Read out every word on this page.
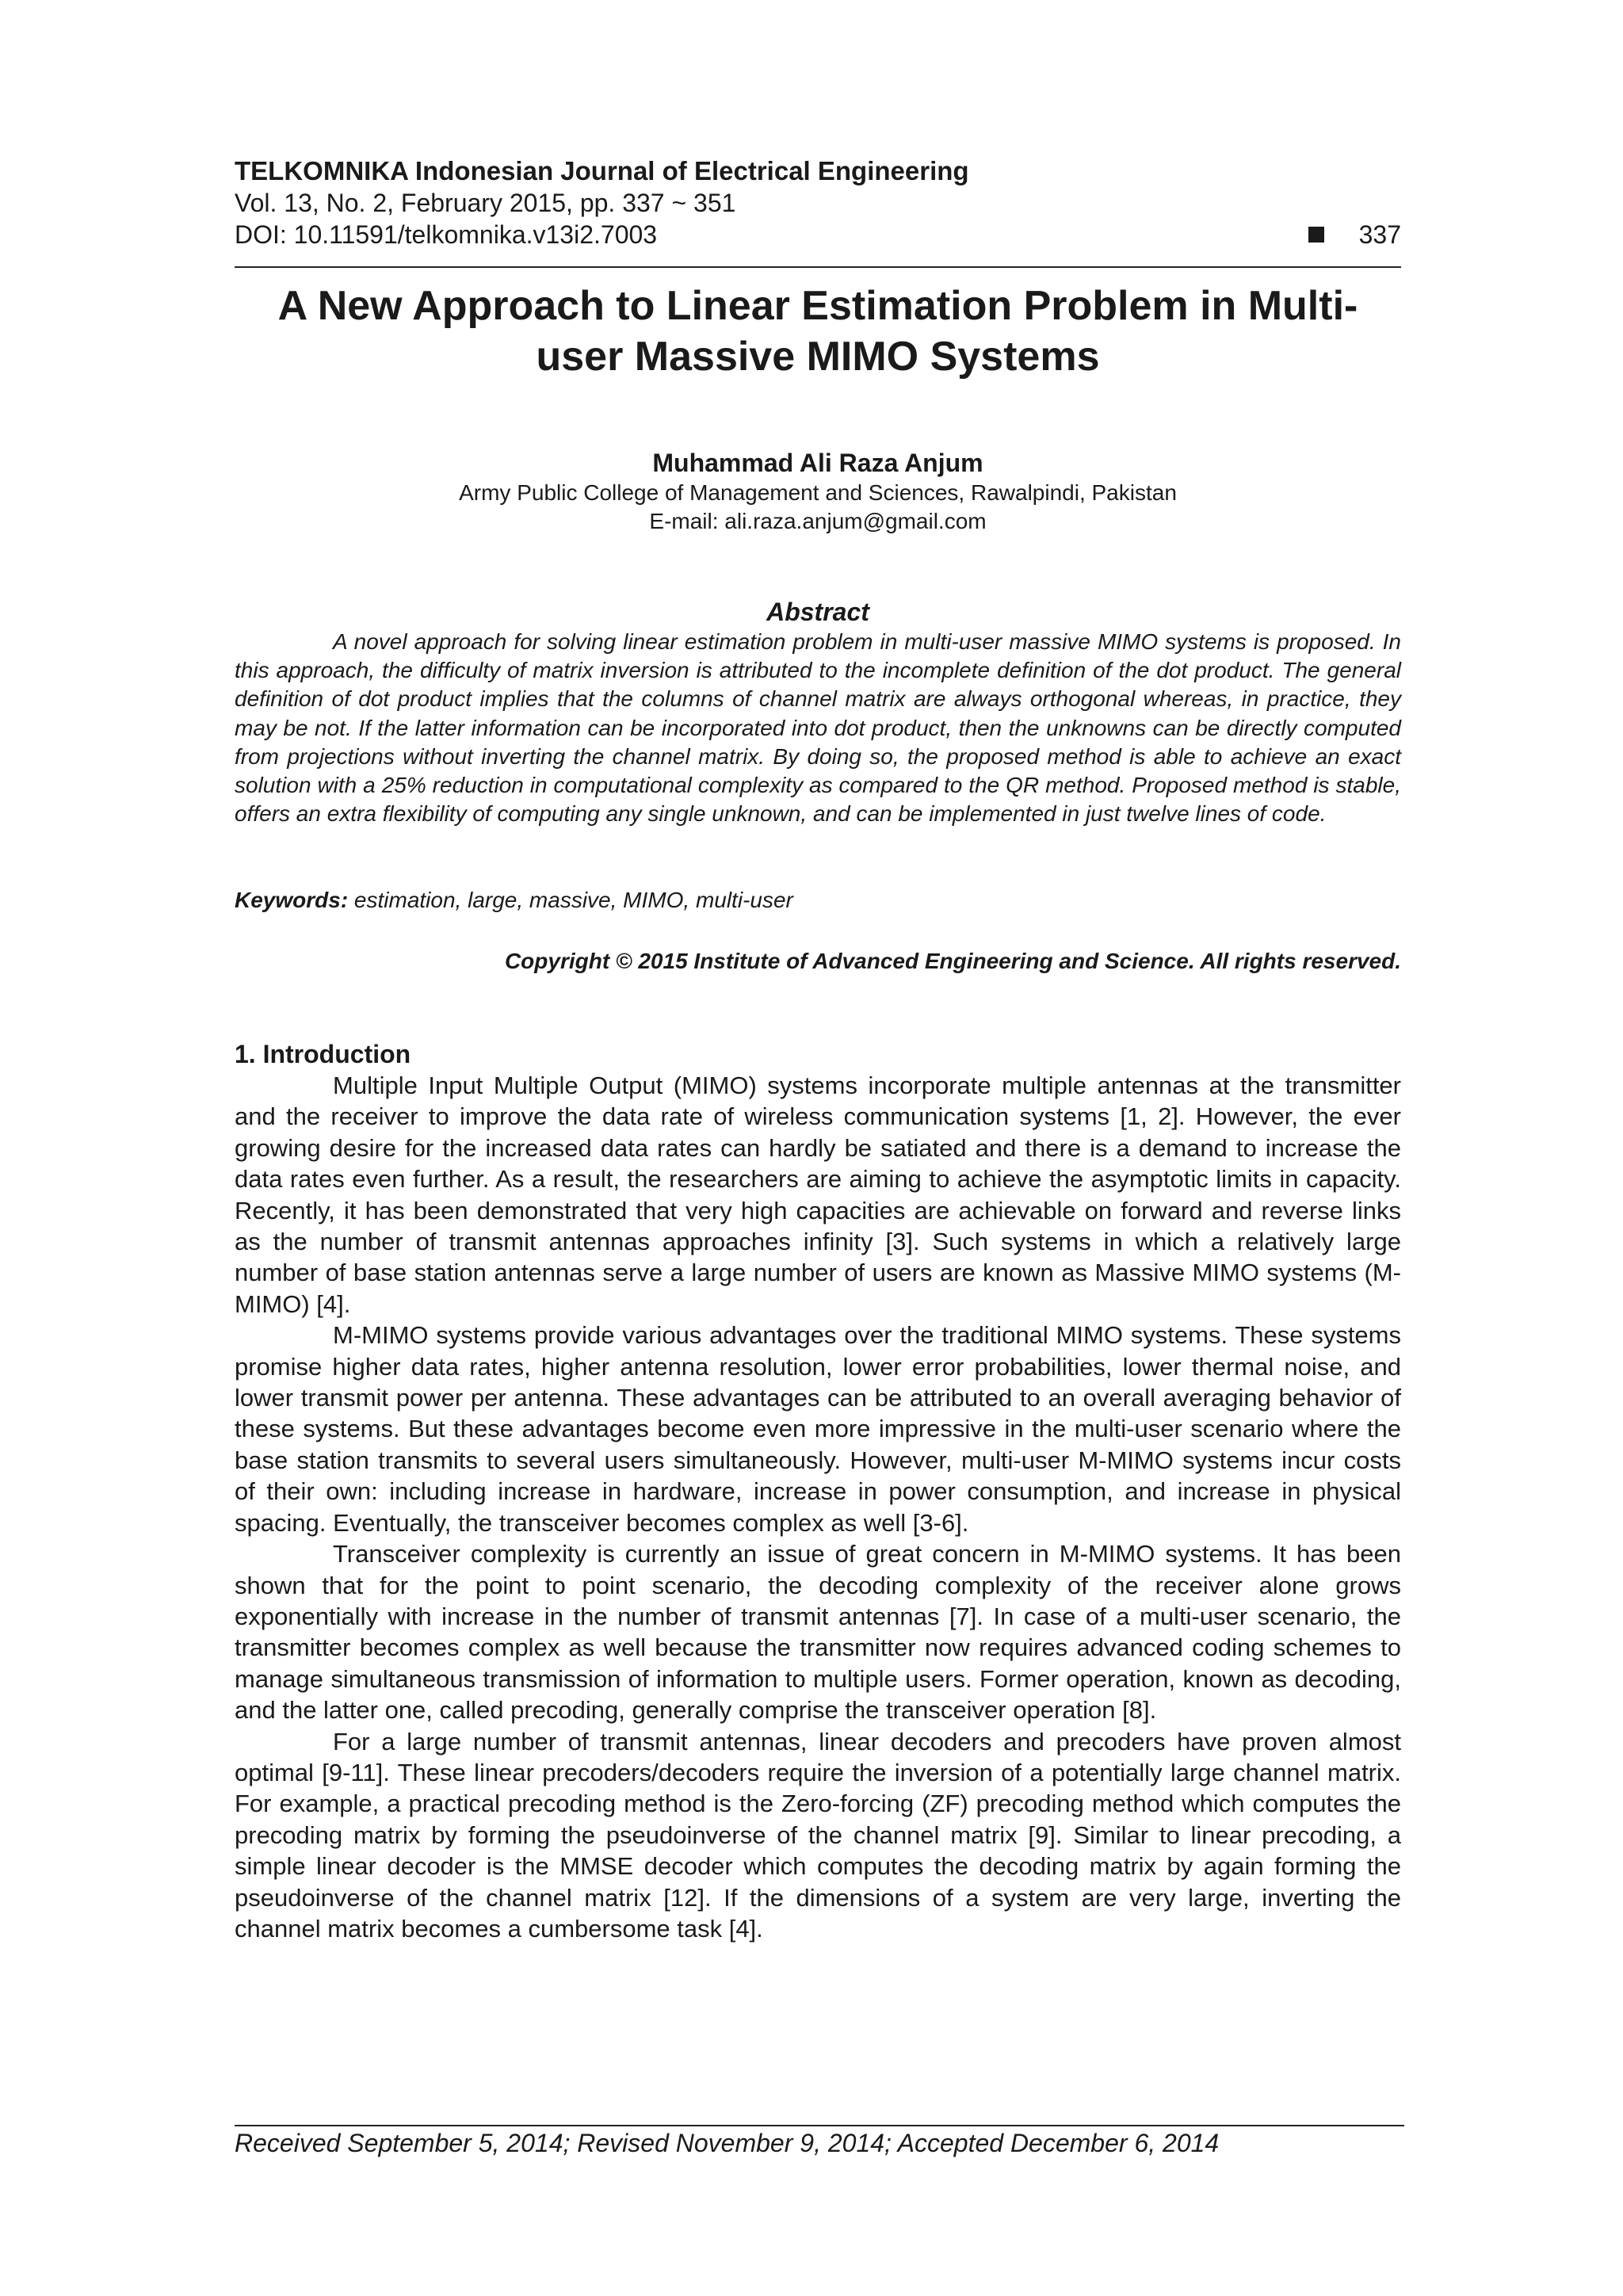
TELKOMNIKA Indonesian Journal of Electrical Engineering
Vol. 13, No. 2, February 2015, pp. 337 ~ 351
DOI: 10.11591/telkomnika.v13i2.7003	337
A New Approach to Linear Estimation Problem in Multi-
user Massive MIMO Systems
Muhammad Ali Raza Anjum
Army Public College of Management and Sciences, Rawalpindi, Pakistan
E-mail: ali.raza.anjum@gmail.com
Abstract

A novel approach for solving linear estimation problem in multi-user massive MIMO systems is proposed. In this approach, the difficulty of matrix inversion is attributed to the incomplete definition of the dot product. The general definition of dot product implies that the columns of channel matrix are always orthogonal whereas, in practice, they may be not. If the latter information can be incorporated into dot product, then the unknowns can be directly computed from projections without inverting the channel matrix. By doing so, the proposed method is able to achieve an exact solution with a 25% reduction in computational complexity as compared to the QR method. Proposed method is stable, offers an extra flexibility of computing any single unknown, and can be implemented in just twelve lines of code.

Keywords: estimation, large, massive, MIMO, multi-user
Copyright © 2015 Institute of Advanced Engineering and Science. All rights reserved.
1. Introduction

Multiple Input Multiple Output (MIMO) systems incorporate multiple antennas at the transmitter and the receiver to improve the data rate of wireless communication systems [1, 2]. However, the ever growing desire for the increased data rates can hardly be satiated and there is a demand to increase the data rates even further. As a result, the researchers are aiming to achieve the asymptotic limits in capacity. Recently, it has been demonstrated that very high capacities are achievable on forward and reverse links as the number of transmit antennas approaches infinity [3]. Such systems in which a relatively large number of base station antennas serve a large number of users are known as Massive MIMO systems (M-MIMO) [4].

M-MIMO systems provide various advantages over the traditional MIMO systems. These systems promise higher data rates, higher antenna resolution, lower error probabilities, lower thermal noise, and lower transmit power per antenna. These advantages can be attributed to an overall averaging behavior of these systems. But these advantages become even more impressive in the multi-user scenario where the base station transmits to several users simultaneously. However, multi-user M-MIMO systems incur costs of their own: including increase in hardware, increase in power consumption, and increase in physical spacing. Eventually, the transceiver becomes complex as well [3-6].

Transceiver complexity is currently an issue of great concern in M-MIMO systems. It has been shown that for the point to point scenario, the decoding complexity of the receiver alone grows exponentially with increase in the number of transmit antennas [7]. In case of a multi-user scenario, the transmitter becomes complex as well because the transmitter now requires advanced coding schemes to manage simultaneous transmission of information to multiple users. Former operation, known as decoding, and the latter one, called precoding, generally comprise the transceiver operation [8].

For a large number of transmit antennas, linear decoders and precoders have proven almost optimal [9-11]. These linear precoders/decoders require the inversion of a potentially large channel matrix. For example, a practical precoding method is the Zero-forcing (ZF) precoding method which computes the precoding matrix by forming the pseudoinverse of the channel matrix [9]. Similar to linear precoding, a simple linear decoder is the MMSE decoder which computes the decoding matrix by again forming the pseudoinverse of the channel matrix [12]. If the dimensions of a system are very large, inverting the channel matrix becomes a cumbersome task [4].

Received September 5, 2014; Revised November 9, 2014; Accepted December 6, 2014
